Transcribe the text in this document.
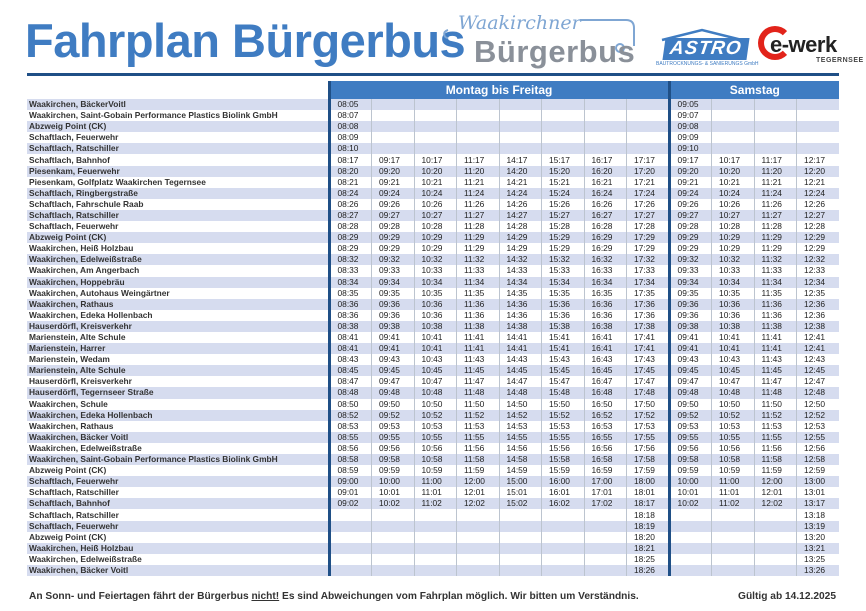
Fahrplan Bürgerbus
Waakirchner
Bürgerbus	ASTRO
BAUTROCKNUNGS- & SANIERUNGS GmbH
e-werk
TEGERNSEE
	Montag bis Freitag								Samstag			
Waakirchen, BäckerVoitl	08:05								09:05			
Waakirchen, Saint-Gobain Performance Plastics Biolink GmbH	08:07								09:07			
Abzweig Point (CK)	08:08								09:08			
Schaftlach, Feuerwehr	08:09								09:09			
Schaftlach, Ratschiller	08:10								09:10			
Schaftlach, Bahnhof	08:17	09:17	10:17	11:17	14:17	15:17	16:17	17:17	09:17	10:17	11:17	12:17
Piesenkam, Feuerwehr	08:20	09:20	10:20	11:20	14:20	15:20	16:20	17:20	09:20	10:20	11:20	12:20
Piesenkam, Golfplatz Waakirchen Tegernsee	08:21	09:21	10:21	11:21	14:21	15:21	16:21	17:21	09:21	10:21	11:21	12:21
Schaftlach, Ringbergstraße	08:24	09:24	10:24	11:24	14:24	15:24	16:24	17:24	09:24	10:24	11:24	12:24
Schaftlach, Fahrschule Raab	08:26	09:26	10:26	11:26	14:26	15:26	16:26	17:26	09:26	10:26	11:26	12:26
Schaftlach, Ratschiller	08:27	09:27	10:27	11:27	14:27	15:27	16:27	17:27	09:27	10:27	11:27	12:27
Schaftlach, Feuerwehr	08:28	09:28	10:28	11:28	14:28	15:28	16:28	17:28	09:28	10:28	11:28	12:28
Abzweig Point (CK)	08:29	09:29	10:29	11:29	14:29	15:29	16:29	17:29	09:29	10:29	11:29	12:29
Waakirchen, Heiß Holzbau	08:29	09:29	10:29	11:29	14:29	15:29	16:29	17:29	09:29	10:29	11:29	12:29
Waakirchen, Edelweißstraße	08:32	09:32	10:32	11:32	14:32	15:32	16:32	17:32	09:32	10:32	11:32	12:32
Waakirchen, Am Angerbach	08:33	09:33	10:33	11:33	14:33	15:33	16:33	17:33	09:33	10:33	11:33	12:33
Waakirchen, Hoppebräu	08:34	09:34	10:34	11:34	14:34	15:34	16:34	17:34	09:34	10:34	11:34	12:34
Waakirchen, Autohaus Weingärtner	08:35	09:35	10:35	11:35	14:35	15:35	16:35	17:35	09:35	10:35	11:35	12:35
Waakirchen, Rathaus	08:36	09:36	10:36	11:36	14:36	15:36	16:36	17:36	09:36	10:36	11:36	12:36
Waakirchen, Edeka Hollenbach	08:36	09:36	10:36	11:36	14:36	15:36	16:36	17:36	09:36	10:36	11:36	12:36
Hauserdörfl, Kreisverkehr	08:38	09:38	10:38	11:38	14:38	15:38	16:38	17:38	09:38	10:38	11:38	12:38
Marienstein, Alte Schule	08:41	09:41	10:41	11:41	14:41	15:41	16:41	17:41	09:41	10:41	11:41	12:41
Marienstein, Harrer	08:41	09:41	10:41	11:41	14:41	15:41	16:41	17:41	09:41	10:41	11:41	12:41
Marienstein, Wedam	08:43	09:43	10:43	11:43	14:43	15:43	16:43	17:43	09:43	10:43	11:43	12:43
Marienstein, Alte Schule	08:45	09:45	10:45	11:45	14:45	15:45	16:45	17:45	09:45	10:45	11:45	12:45
Hauserdörfl, Kreisverkehr	08:47	09:47	10:47	11:47	14:47	15:47	16:47	17:47	09:47	10:47	11:47	12:47
Hauserdörfl, Tegernseer Straße	08:48	09:48	10:48	11:48	14:48	15:48	16:48	17:48	09:48	10:48	11:48	12:48
Waakirchen, Schule	08:50	09:50	10:50	11:50	14:50	15:50	16:50	17:50	09:50	10:50	11:50	12:50
Waakirchen, Edeka Hollenbach	08:52	09:52	10:52	11:52	14:52	15:52	16:52	17:52	09:52	10:52	11:52	12:52
Waakirchen, Rathaus	08:53	09:53	10:53	11:53	14:53	15:53	16:53	17:53	09:53	10:53	11:53	12:53
Waakirchen, Bäcker Voitl	08:55	09:55	10:55	11:55	14:55	15:55	16:55	17:55	09:55	10:55	11:55	12:55
Waakirchen, Edelweißstraße	08:56	09:56	10:56	11:56	14:56	15:56	16:56	17:56	09:56	10:56	11:56	12:56
Waakirchen, Saint-Gobain Performance Plastics Biolink GmbH	08:58	09:58	10:58	11:58	14:58	15:58	16:58	17:58	09:58	10:58	11:58	12:58
Abzweig Point (CK)	08:59	09:59	10:59	11:59	14:59	15:59	16:59	17:59	09:59	10:59	11:59	12:59
Schaftlach, Feuerwehr	09:00	10:00	11:00	12:00	15:00	16:00	17:00	18:00	10:00	11:00	12:00	13:00
Schaftlach, Ratschiller	09:01	10:01	11:01	12:01	15:01	16:01	17:01	18:01	10:01	11:01	12:01	13:01
Schaftlach, Bahnhof	09:02	10:02	11:02	12:02	15:02	16:02	17:02	18:17	10:02	11:02	12:02	13:17
Schaftlach, Ratschiller								18:18				13:18
Schaftlach, Feuerwehr								18:19				13:19
Abzweig Point (CK)								18:20				13:20
Waakirchen, Heiß Holzbau								18:21				13:21
Waakirchen, Edelweißstraße								18:25				13:25
Waakirchen, Bäcker Voitl								18:26				13:26
An Sonn- und Feiertagen fährt der Bürgerbus nicht! Es sind Abweichungen vom Fahrplan möglich. Wir bitten um Verständnis.	Gültig ab 14.12.2025
